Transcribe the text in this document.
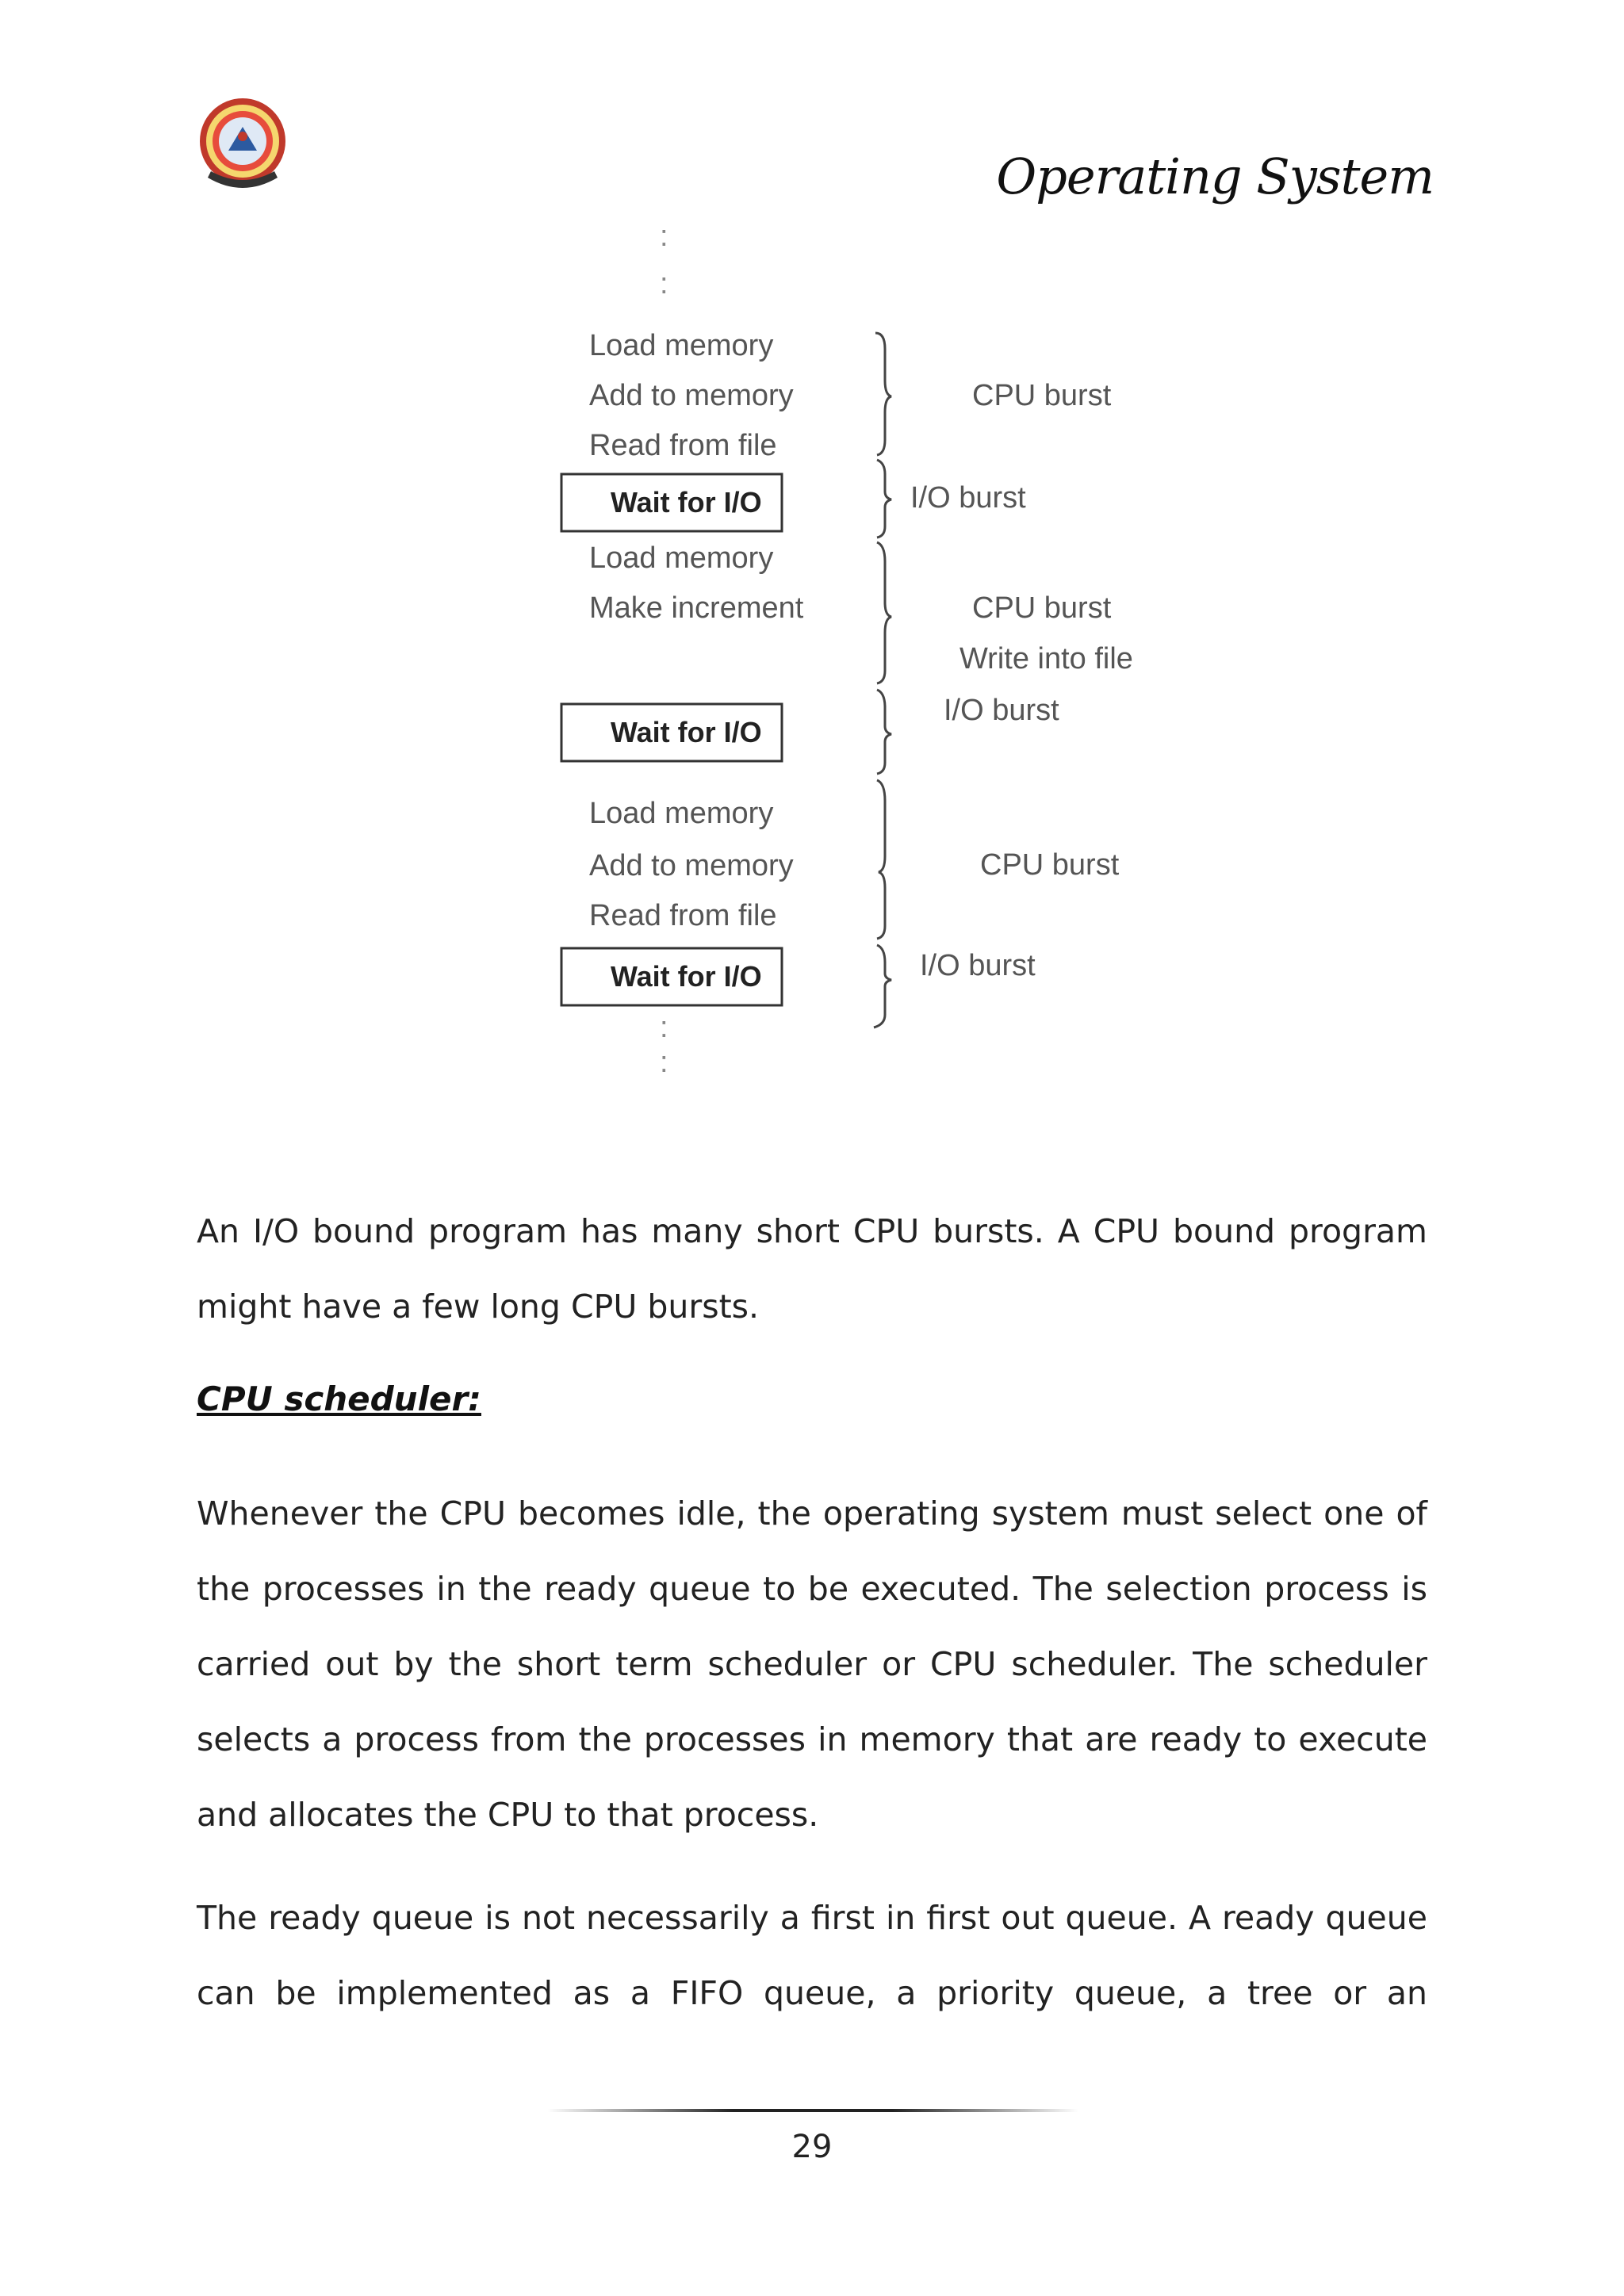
Operating System
:
:
Load memory
Add to memory
Read from file
Wait for I/O
Load memory
Make increment
Wait for I/O
Load memory
Add to memory
Read from file
Wait for I/O
:
:
CPU burst
I/O burst
CPU burst
Write into file
I/O burst
CPU burst
I/O burst

An I/O bound program has many short CPU bursts. A CPU bound program might have a few long CPU bursts.

CPU scheduler:

Whenever the CPU becomes idle, the operating system must select one of the processes in the ready queue to be executed. The selection process is carried out by the short term scheduler or CPU scheduler. The scheduler selects a process from the processes in memory that are ready to execute and allocates the CPU to that process.

The ready queue is not necessarily a first in first out queue. A ready queue can be implemented as a FIFO queue, a priority queue, a tree or an

29
